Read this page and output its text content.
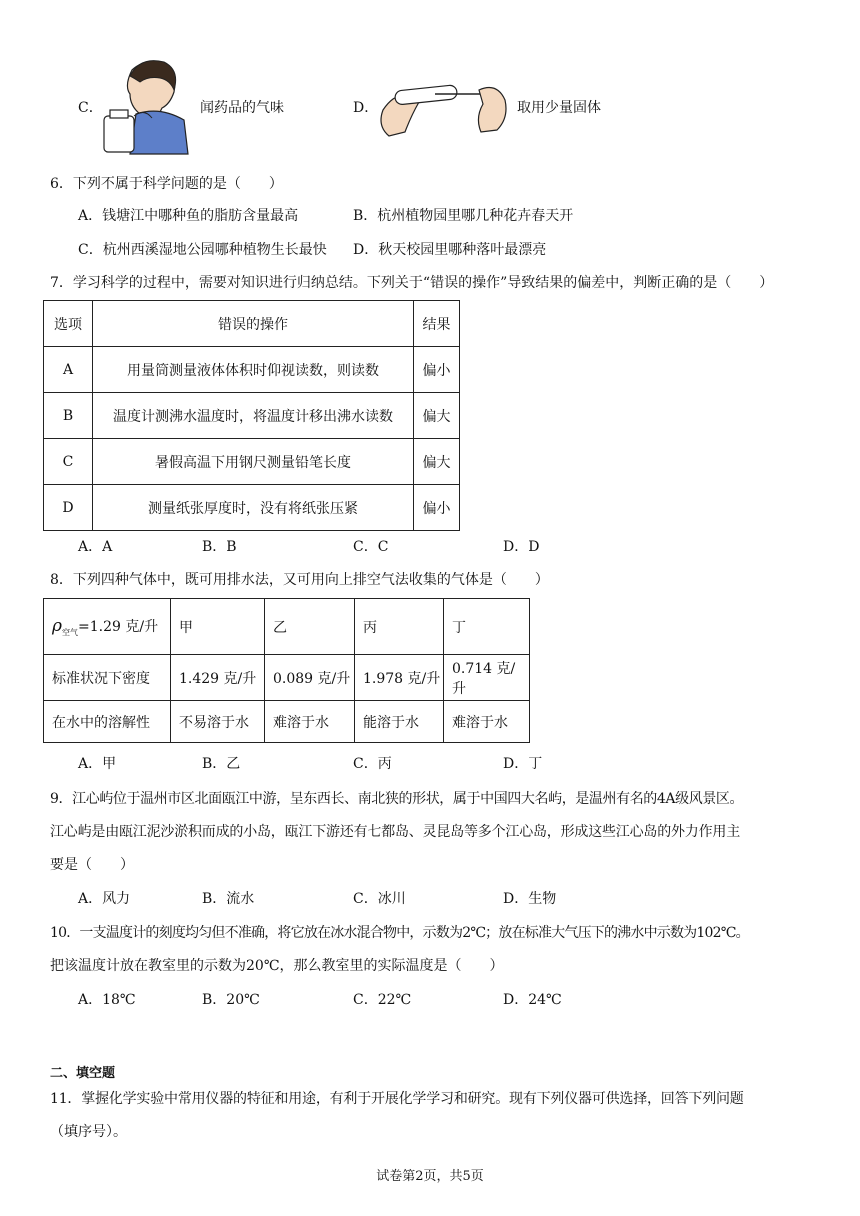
C．	闻药品的气味	D．	取用少量固体
6．下列不属于科学问题的是（　　）
A．钱塘江中哪种鱼的脂肪含量最高	B．杭州植物园里哪几种花卉春天开
C．杭州西溪湿地公园哪种植物生长最快 D．秋天校园里哪种落叶最漂亮
7．学习科学的过程中，需要对知识进行归纳总结。下列关于“错误的操作”导致结果的偏差中，判断正确的是（　　）
选项	错误的操作	结果
A	用量筒测量液体体积时仰视读数，则读数	偏小
B	温度计测沸水温度时，将温度计移出沸水读数	偏大
C	暑假高温下用钢尺测量铅笔长度	偏大
D	测量纸张厚度时，没有将纸张压紧	偏小
A．A	B．B	C．C	D．D
8．下列四种气体中，既可用排水法，又可用向上排空气法收集的气体是（　　）
$\rho_{空气}=1.29$ 克/升	甲	乙	丙	丁
标准状况下密度	1.429 克/升	0.089 克/升	1.978 克/升	0.714 克/升
在水中的溶解性	不易溶于水	难溶于水	能溶于水	难溶于水
A．甲	B．乙	C．丙	D．丁
9．江心屿位于温州市区北面瓯江中游，呈东西长、南北狭的形状，属于中国四大名屿，是温州有名的4A级风景区。
江心屿是由瓯江泥沙淤积而成的小岛，瓯江下游还有七都岛、灵昆岛等多个江心岛，形成这些江心岛的外力作用主
要是（　　）
A．风力	B．流水	C．冰川	D．生物
10．一支温度计的刻度均匀但不准确，将它放在冰水混合物中，示数为2℃；放在标准大气压下的沸水中示数为102℃。
把该温度计放在教室里的示数为20℃，那么教室里的实际温度是（　　）
A．18℃	B．20℃	C．22℃	D．24℃
二、填空题
11．掌握化学实验中常用仪器的特征和用途，有利于开展化学学习和研究。现有下列仪器可供选择，回答下列问题
（填序号）。
试卷第2页，共5页
